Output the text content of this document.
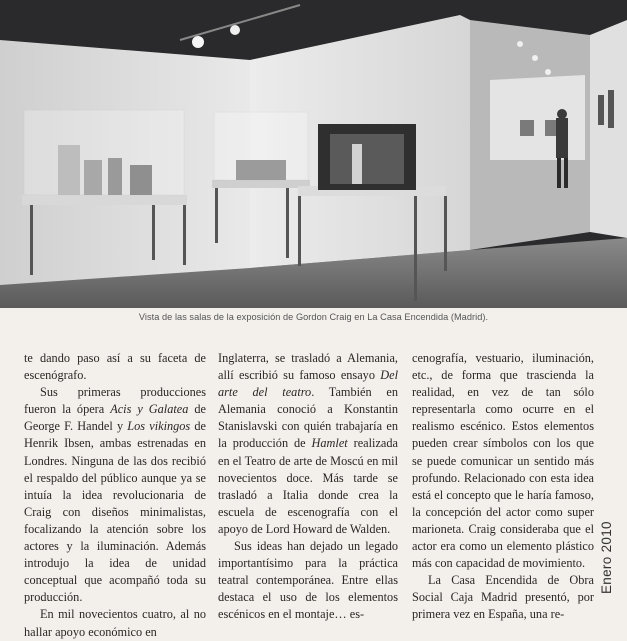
Vista de las salas de la exposición de Gordon Craig en La Casa Encendida (Madrid).

te dando paso así a su faceta de escenógrafo.

Sus primeras producciones fueron la ópera Acis y Galatea de George F. Handel y Los vikingos de Henrik Ibsen, ambas estrenadas en Londres. Ninguna de las dos recibió el respaldo del público aunque ya se intuía la idea revolucionaria de Craig con diseños minimalistas, focalizando la atención sobre los actores y la iluminación. Además introdujo la idea de unidad conceptual que acompañó toda su producción.

En mil novecientos cuatro, al no hallar apoyo económico en

Inglaterra, se trasladó a Alemania, allí escribió su famoso ensayo Del arte del teatro. También en Alemania conoció a Konstantin Stanislavski con quién trabajaría en la producción de Hamlet realizada en el Teatro de arte de Moscú en mil novecientos doce. Más tarde se trasladó a Italia donde crea la escuela de escenografía con el apoyo de Lord Howard de Walden.

Sus ideas han dejado un legado importantísimo para la práctica teatral contemporánea. Entre ellas destaca el uso de los elementos escénicos en el montaje… es-

cenografía, vestuario, iluminación, etc., de forma que trascienda la realidad, en vez de tan sólo representarla como ocurre en el realismo escénico. Estos elementos pueden crear símbolos con los que se puede comunicar un sentido más profundo. Relacionado con esta idea está el concepto que le haría famoso, la concepción del actor como super marioneta. Craig consideraba que el actor era como un elemento plástico más con capacidad de movimiento.

La Casa Encendida de Obra Social Caja Madrid presentó, por primera vez en España, una re-

Enero 2010
